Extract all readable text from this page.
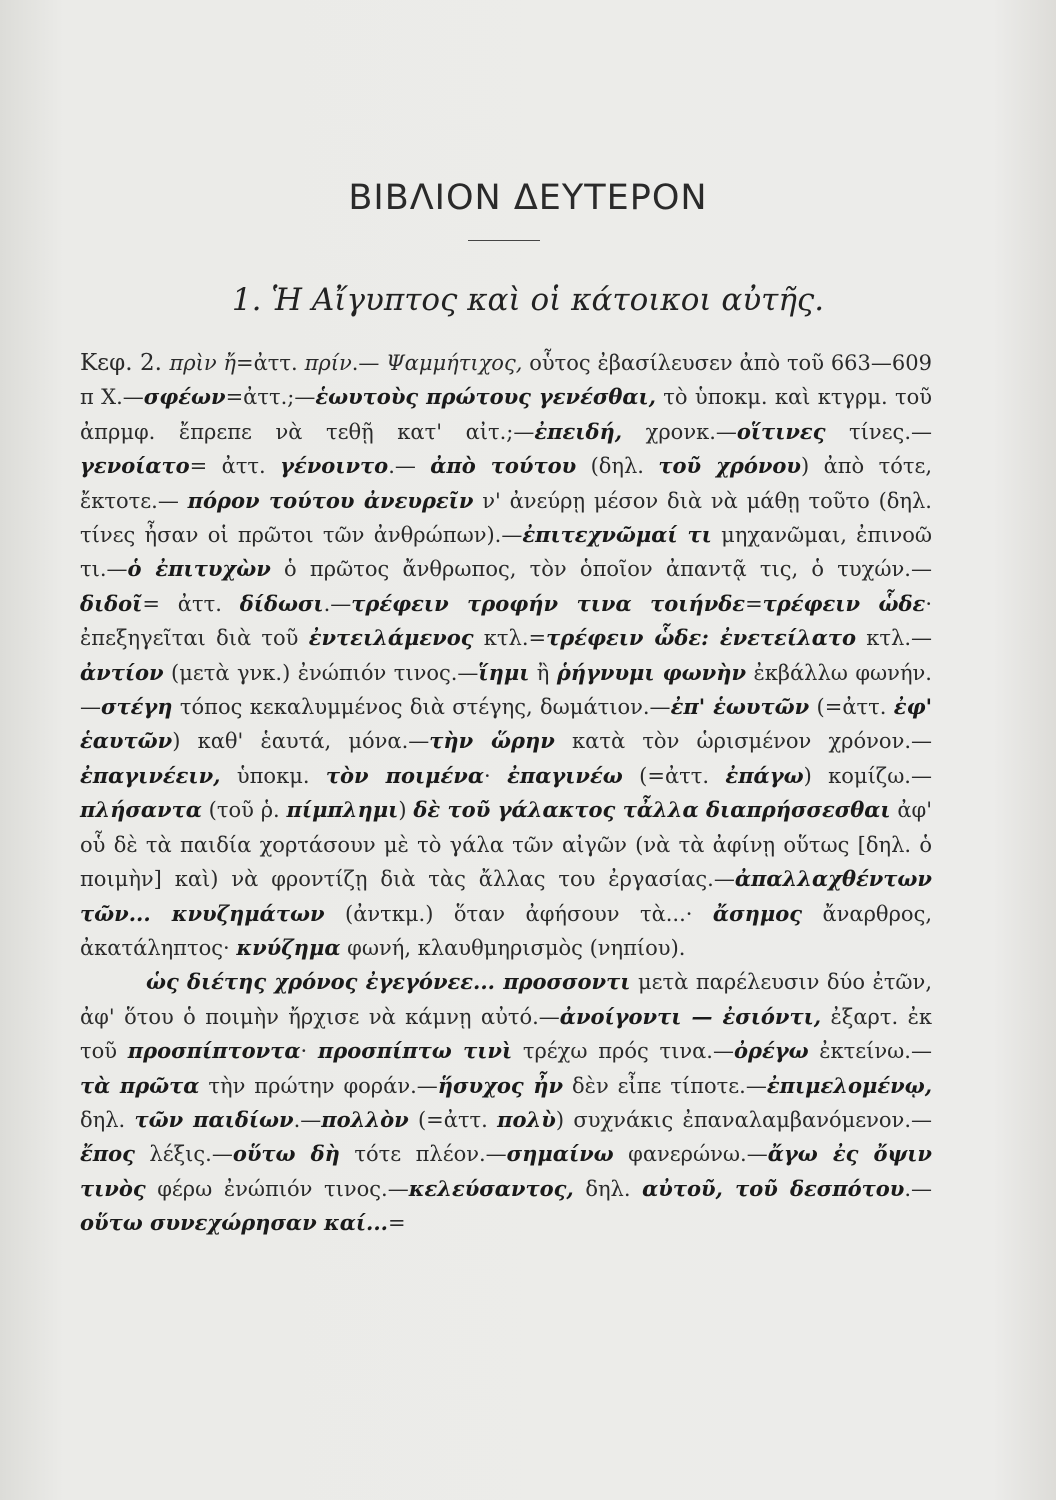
ΒΙΒΛΙΟΝ ΔΕΥΤΕΡΟΝ
1. Ἡ Αἴγυπτος καὶ οἱ κάτοικοι αὐτῆς.

Κεφ. 2. πρὶν ἤ=ἀττ. πρίν.— Ψαμμήτιχος, οὗτος ἐβασίλευσεν ἀπὸ τοῦ 663—609 π Χ.—σφέων=ἀττ.;—ἑωυτοὺς πρώτους γενέσθαι, τὸ ὑποκμ. καὶ κτγρμ. τοῦ ἀπρμφ. ἔπρεπε νὰ τεθῇ κατ' αἰτ.;—ἐπειδή, χρονκ.—οἵτινες τίνες.—γενοίατο= ἀττ. γένοιντο.— ἀπὸ τούτου (δηλ. τοῦ χρόνου) ἀπὸ τότε, ἔκτοτε.— πόρον τούτου ἀνευρεῖν ν' ἀνεύρῃ μέσον διὰ νὰ μάθῃ τοῦτο (δηλ. τίνες ἦσαν οἱ πρῶτοι τῶν ἀνθρώπων).—ἐπιτεχνῶμαί τι μηχανῶμαι, ἐπινοῶ τι.—ὁ ἐπιτυχὼν ὁ πρῶτος ἄνθρωπος, τὸν ὁποῖον ἀπαντᾷ τις, ὁ τυχών.—διδοῖ= ἀττ. δίδωσι.—τρέφειν τροφήν τινα τοιήνδε=τρέφειν ὧδε· ἐπεξηγεῖται διὰ τοῦ ἐντειλάμενος κτλ.=τρέφειν ὧδε: ἐνετείλατο κτλ.—ἀντίον (μετὰ γνκ.) ἐνώπιόν τινος.—ἵημι ἢ ῥήγνυμι φωνὴν ἐκβάλλω φωνήν.—στέγη τόπος κεκαλυμμένος διὰ στέγης, δωμάτιον.—ἐπ' ἑωυτῶν (=ἀττ. ἐφ' ἑαυτῶν) καθ' ἑαυτά, μόνα.—τὴν ὥρην κατὰ τὸν ὡρισμένον χρόνον.— ἐπαγινέειν, ὑποκμ. τὸν ποιμένα· ἐπαγινέω (=ἀττ. ἐπάγω) κομίζω.—πλήσαντα (τοῦ ῥ. πίμπλημι) δὲ τοῦ γάλακτος τἆλλα διαπρήσσεσθαι ἀφ' οὗ δὲ τὰ παιδία χορτάσουν μὲ τὸ γάλα τῶν αἰγῶν (νὰ τὰ ἀφίνῃ οὕτως [δηλ. ὁ ποιμὴν] καὶ) νὰ φροντίζῃ διὰ τὰς ἄλλας του ἐργασίας.—ἀπαλλαχθέντων τῶν... κνυζημάτων (ἀντκμ.) ὅταν ἀφήσουν τὰ...· ἄσημος ἄναρθρος, ἀκατάληπτος· κνύζημα φωνή, κλαυθμηρισμὸς (νηπίου).

ὡς διέτης χρόνος ἐγεγόνεε... προσσοντι μετὰ παρέλευσιν δύο ἐτῶν, ἀφ' ὅτου ὁ ποιμὴν ἤρχισε νὰ κάμνῃ αὐτό.—ἀνοίγοντι — ἐσιόντι, ἐξαρτ. ἐκ τοῦ προσπίπτοντα· προσπίπτω τινὶ τρέχω πρός τινα.—ὀρέγω ἐκτείνω.—τὰ πρῶτα τὴν πρώτην φοράν.—ἥσυχος ἦν δὲν εἶπε τίποτε.—ἐπιμελομένῳ, δηλ. τῶν παιδίων.—πολλὸν (=ἀττ. πολὺ) συχνάκις ἐπαναλαμβανόμενον.—ἔπος λέξις.—οὕτω δὴ τότε πλέον.—σημαίνω φανερώνω.—ἄγω ἐς ὄψιν τινὸς φέρω ἐνώπιόν τινος.—κελεύσαντος, δηλ. αὐτοῦ, τοῦ δεσπότου.—οὕτω συνεχώρησαν καί...=
